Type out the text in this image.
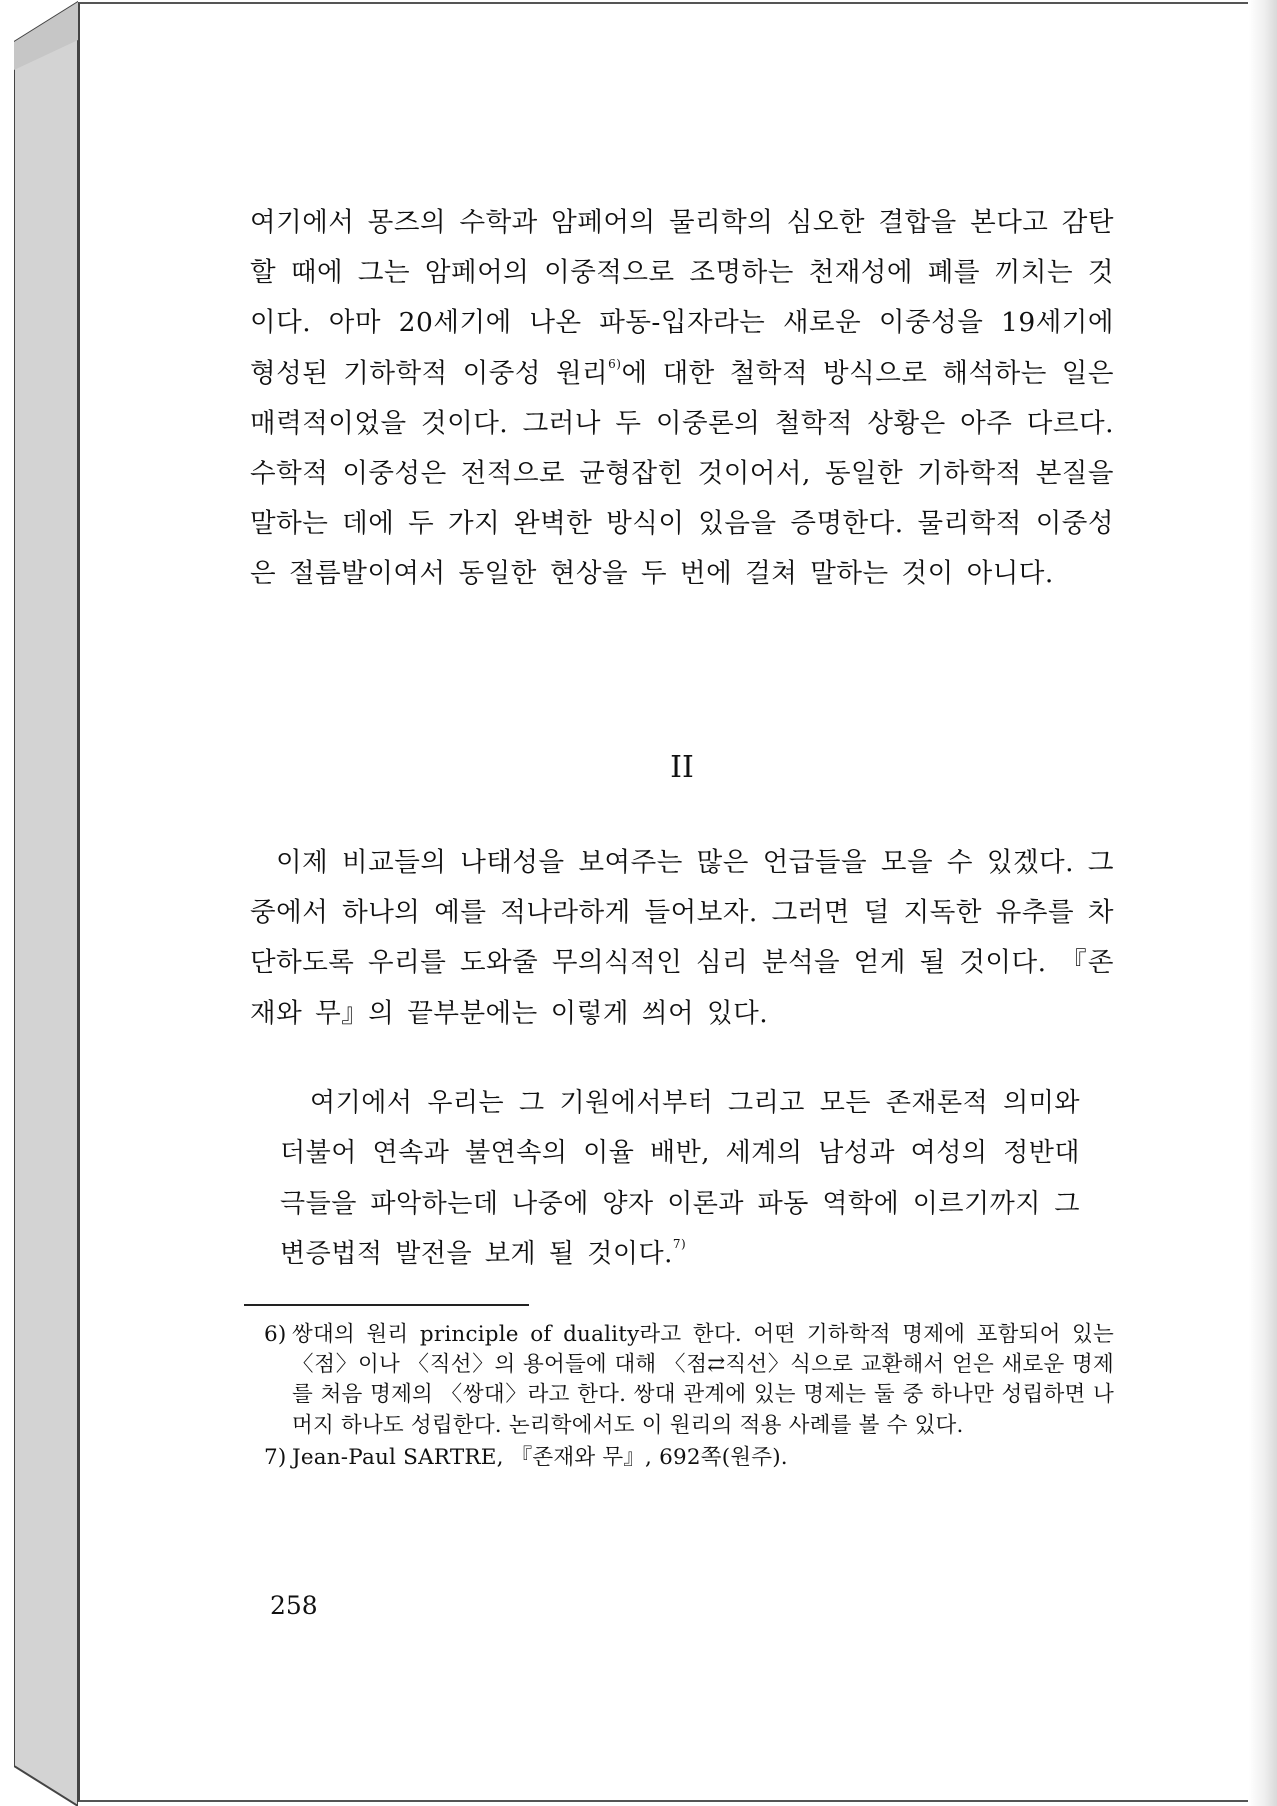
여기에서 몽즈의 수학과 암페어의 물리학의 심오한 결합을 본다고 감탄할 때에 그는 암페어의 이중적으로 조명하는 천재성에 폐를 끼치는 것이다. 아마 20세기에 나온 파동-입자라는 새로운 이중성을 19세기에 형성된 기하학적 이중성 원리$^{6)}$에 대한 철학적 방식으로 해석하는 일은 매력적이었을 것이다. 그러나 두 이중론의 철학적 상황은 아주 다르다. 수학적 이중성은 전적으로 균형잡힌 것이어서, 동일한 기하학적 본질을 말하는 데에 두 가지 완벽한 방식이 있음을 증명한다. 물리학적 이중성은 절름발이여서 동일한 현상을 두 번에 걸쳐 말하는 것이 아니다.

II

이제 비교들의 나태성을 보여주는 많은 언급들을 모을 수 있겠다. 그중에서 하나의 예를 적나라하게 들어보자. 그러면 덜 지독한 유추를 차단하도록 우리를 도와줄 무의식적인 심리 분석을 얻게 될 것이다. 『존재와 무』의 끝부분에는 이렇게 씌어 있다.

여기에서 우리는 그 기원에서부터 그리고 모든 존재론적 의미와 더불어 연속과 불연속의 이율 배반, 세계의 남성과 여성의 정반대 극들을 파악하는데 나중에 양자 이론과 파동 역학에 이르기까지 그 변증법적 발전을 보게 될 것이다.$^{7)}$

6) 쌍대의 원리 principle of duality라고 한다. 어떤 기하학적 명제에 포함되어 있는 〈점〉이나 〈직선〉의 용어들에 대해 〈점⇄직선〉식으로 교환해서 얻은 새로운 명제를 처음 명제의 〈쌍대〉라고 한다. 쌍대 관계에 있는 명제는 둘 중 하나만 성립하면 나머지 하나도 성립한다. 논리학에서도 이 원리의 적용 사례를 볼 수 있다.

7) Jean-Paul SARTRE, 『존재와 무』, 692쪽(원주).

258
